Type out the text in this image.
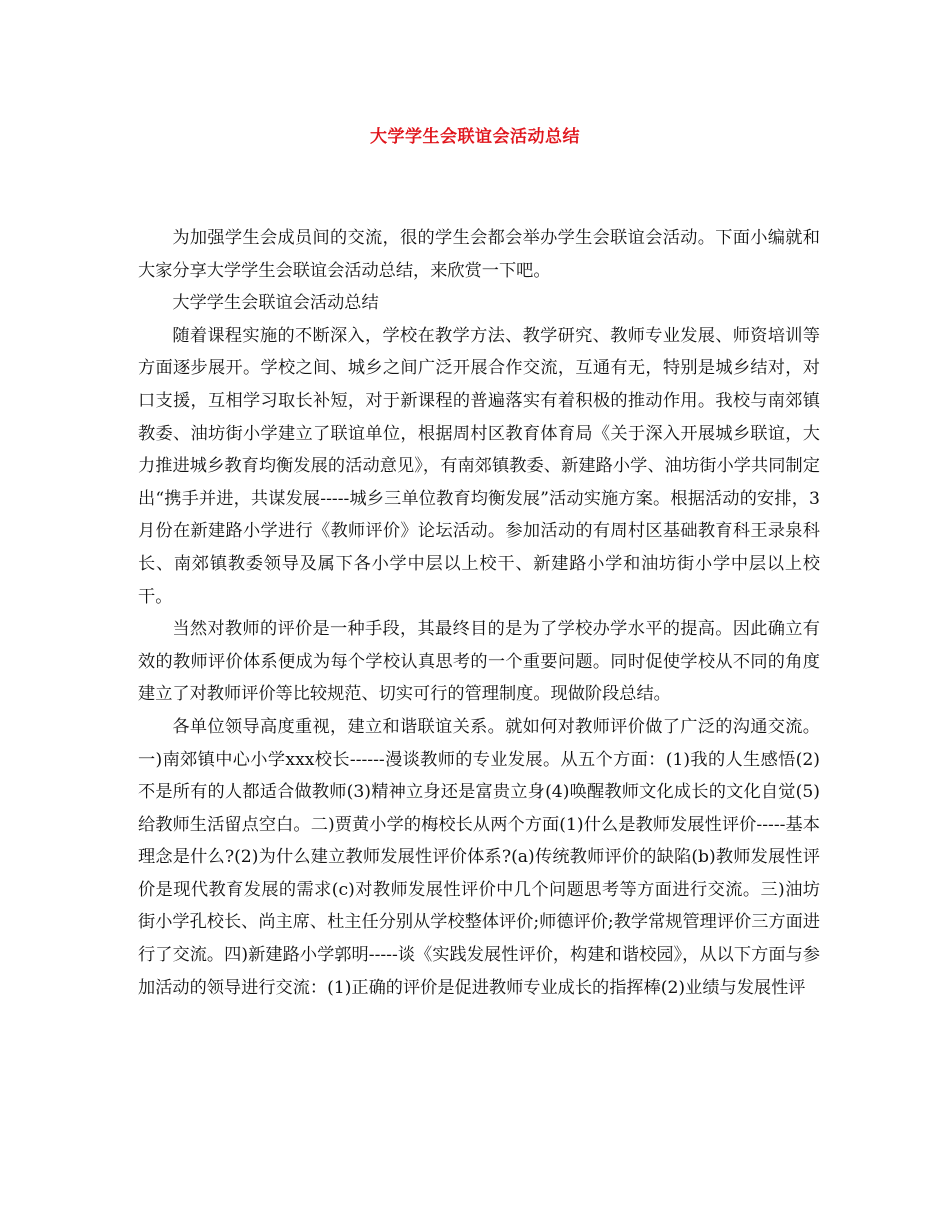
大学学生会联谊会活动总结

为加强学生会成员间的交流，很的学生会都会举办学生会联谊会活动。下面小编就和大家分享大学学生会联谊会活动总结，来欣赏一下吧。

大学学生会联谊会活动总结

随着课程实施的不断深入，学校在教学方法、教学研究、教师专业发展、师资培训等方面逐步展开。学校之间、城乡之间广泛开展合作交流，互通有无，特别是城乡结对，对口支援，互相学习取长补短，对于新课程的普遍落实有着积极的推动作用。我校与南郊镇教委、油坊街小学建立了联谊单位，根据周村区教育体育局《关于深入开展城乡联谊，大力推进城乡教育均衡发展的活动意见》，有南郊镇教委、新建路小学、油坊街小学共同制定出“携手并进，共谋发展-----城乡三单位教育均衡发展”活动实施方案。根据活动的安排，3月份在新建路小学进行《教师评价》论坛活动。参加活动的有周村区基础教育科王录泉科长、南郊镇教委领导及属下各小学中层以上校干、新建路小学和油坊街小学中层以上校干。

当然对教师的评价是一种手段，其最终目的是为了学校办学水平的提高。因此确立有效的教师评价体系便成为每个学校认真思考的一个重要问题。同时促使学校从不同的角度建立了对教师评价等比较规范、切实可行的管理制度。现做阶段总结。

各单位领导高度重视，建立和谐联谊关系。就如何对教师评价做了广泛的沟通交流。一)南郊镇中心小学xxx校长------漫谈教师的专业发展。从五个方面：(1)我的人生感悟(2)不是所有的人都适合做教师(3)精神立身还是富贵立身(4)唤醒教师文化成长的文化自觉(5)给教师生活留点空白。二)贾黄小学的梅校长从两个方面(1)什么是教师发展性评价-----基本理念是什么?(2)为什么建立教师发展性评价体系?(a)传统教师评价的缺陷(b)教师发展性评价是现代教育发展的需求(c)对教师发展性评价中几个问题思考等方面进行交流。三)油坊街小学孔校长、尚主席、杜主任分别从学校整体评价;师德评价;教学常规管理评价三方面进行了交流。四)新建路小学郭明-----谈《实践发展性评价，构建和谐校园》，从以下方面与参加活动的领导进行交流：(1)正确的评价是促进教师专业成长的指挥棒(2)业绩与发展性评
